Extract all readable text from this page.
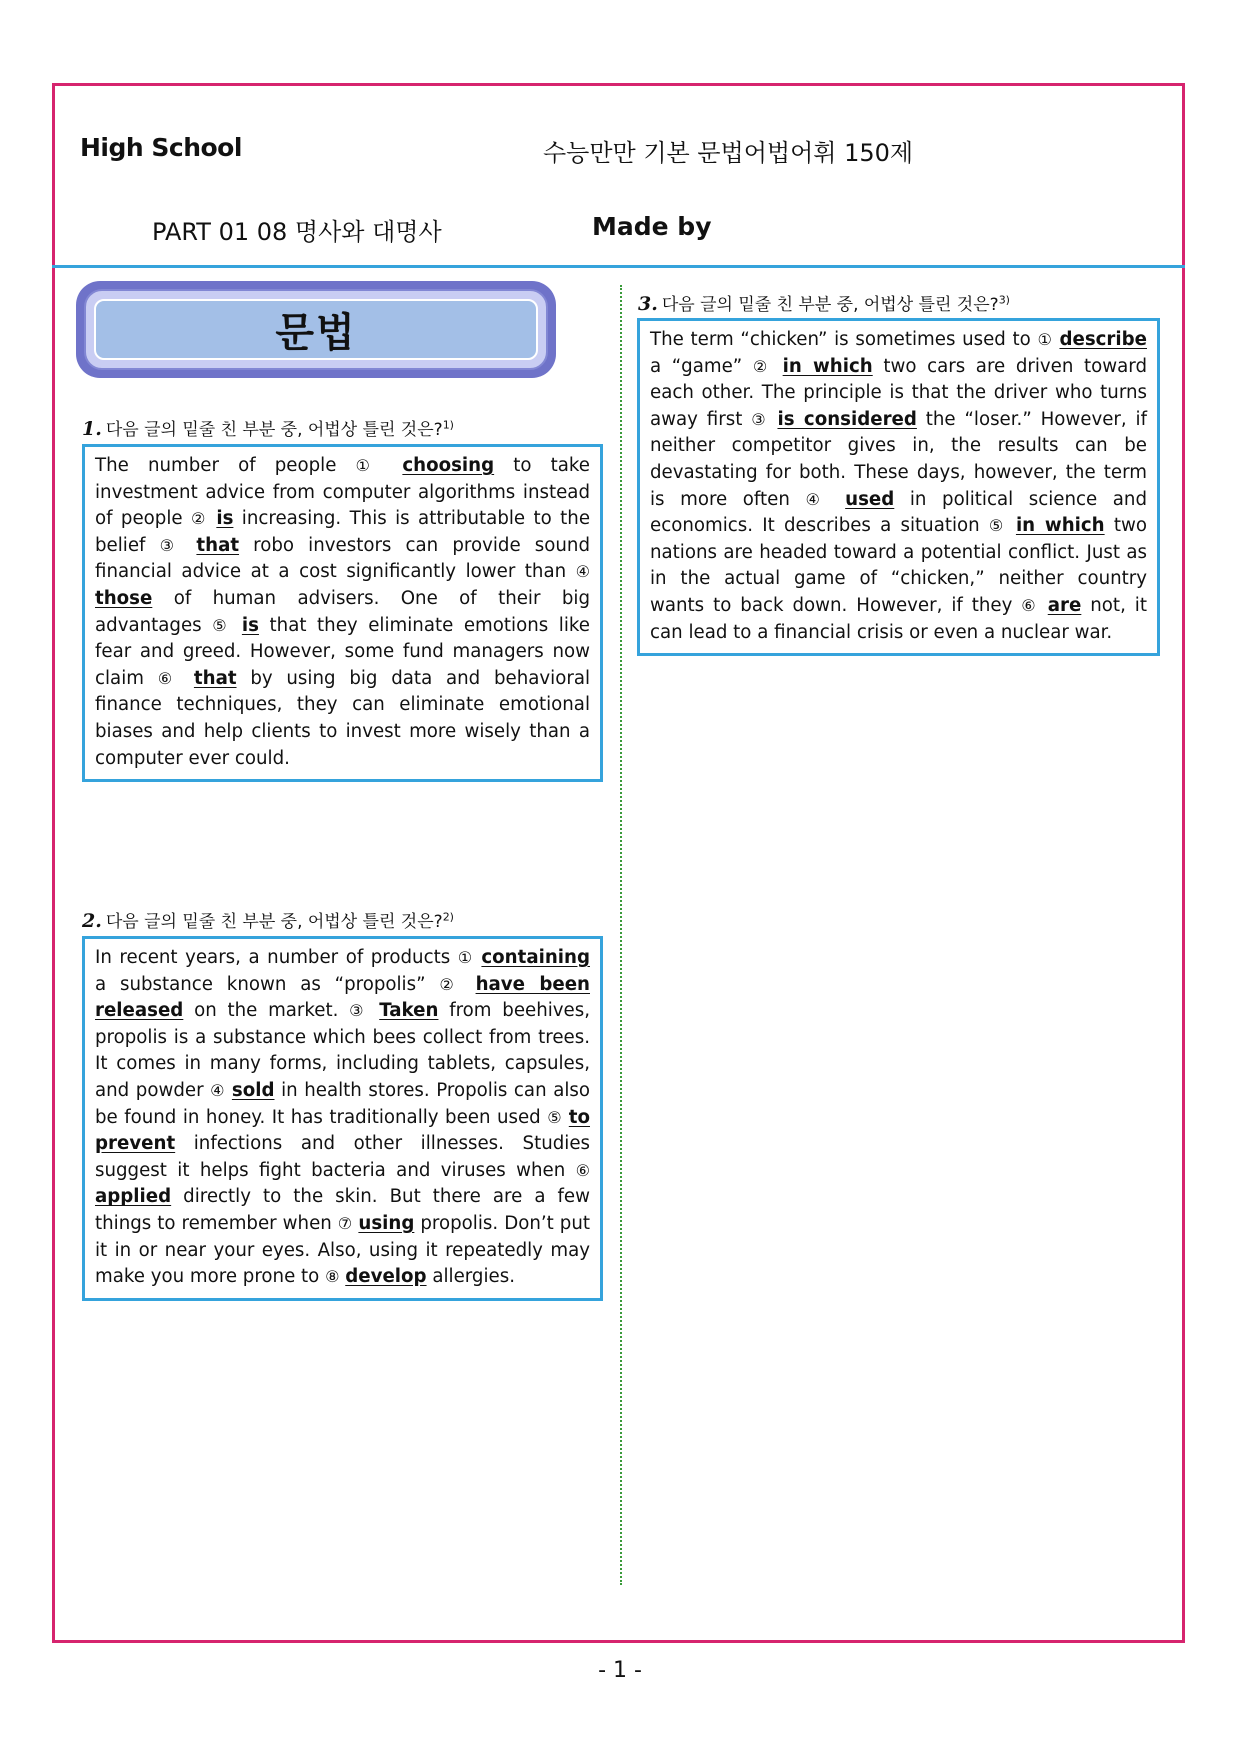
High School	수능만만 기본 문법어법어휘 150제
PART 01 08 명사와 대명사	Made by
문법
1. 다음 글의 밑줄 친 부분 중, 어법상 틀린 것은?$^{1)}$
The number of people ① choosing to take investment advice from computer algorithms instead of people ② is increasing. This is attributable to the belief ③ that robo investors can provide sound financial advice at a cost significantly lower than ④ those of human advisers. One of their big advantages ⑤ is that they eliminate emotions like fear and greed. However, some fund managers now claim ⑥ that by using big data and behavioral finance techniques, they can eliminate emotional biases and help clients to invest more wisely than a computer ever could.
2. 다음 글의 밑줄 친 부분 중, 어법상 틀린 것은?$^{2)}$
In recent years, a number of products ① containing a substance known as “propolis” ② have been released on the market. ③ Taken from beehives, propolis is a substance which bees collect from trees. It comes in many forms, including tablets, capsules, and powder ④ sold in health stores. Propolis can also be found in honey. It has traditionally been used ⑤ to prevent infections and other illnesses. Studies suggest it helps fight bacteria and viruses when ⑥ applied directly to the skin. But there are a few things to remember when ⑦ using propolis. Don’t put it in or near your eyes. Also, using it repeatedly may make you more prone to ⑧ develop allergies.
3. 다음 글의 밑줄 친 부분 중, 어법상 틀린 것은?$^{3)}$
The term “chicken” is sometimes used to ① describe a “game” ② in which two cars are driven toward each other. The principle is that the driver who turns away first ③ is considered the “loser.” However, if neither competitor gives in, the results can be devastating for both. These days, however, the term is more often ④ used in political science and economics. It describes a situation ⑤ in which two nations are headed toward a potential conflict. Just as in the actual game of “chicken,” neither country wants to back down. However, if they ⑥ are not, it can lead to a financial crisis or even a nuclear war.
- 1 -
